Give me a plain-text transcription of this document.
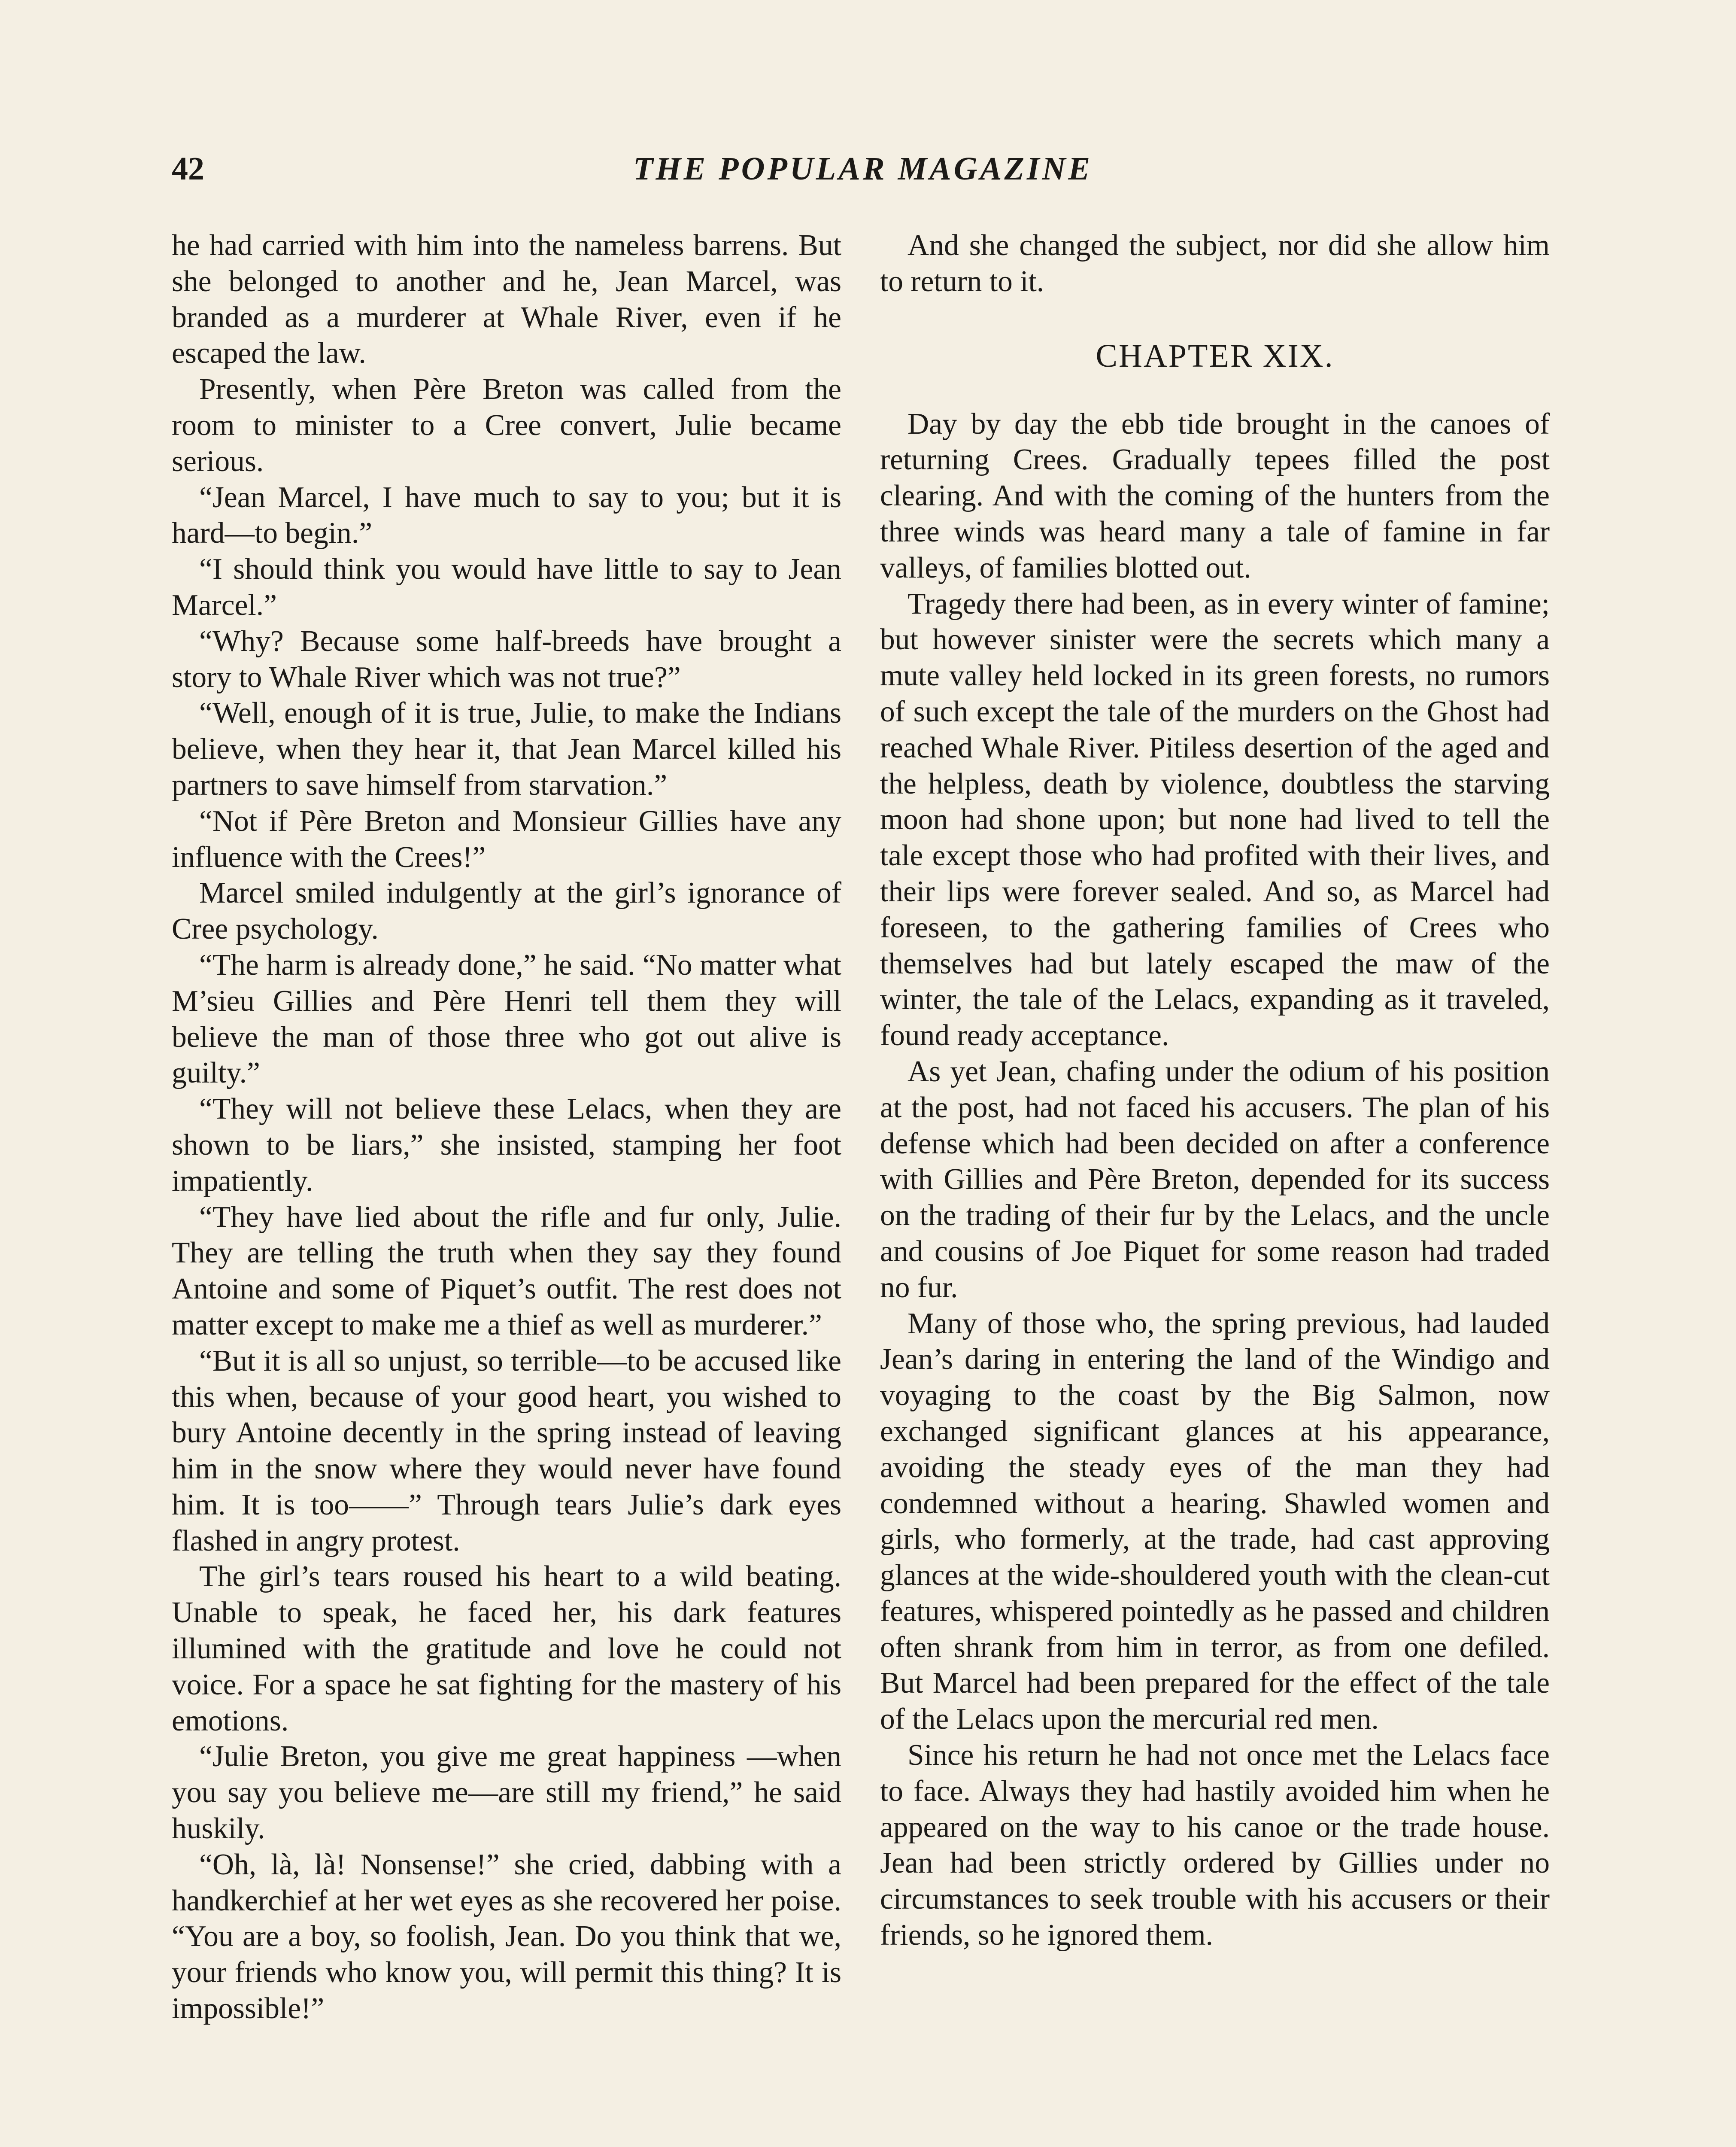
42	THE POPULAR MAGAZINE

he had carried with him into the nameless barrens. But she belonged to another and he, Jean Marcel, was branded as a murderer at Whale River, even if he escaped the law.

Presently, when Père Breton was called from the room to minister to a Cree convert, Julie became serious.

“Jean Marcel, I have much to say to you; but it is hard—to begin.”

“I should think you would have little to say to Jean Marcel.”

“Why? Because some half-breeds have brought a story to Whale River which was not true?”

“Well, enough of it is true, Julie, to make the Indians believe, when they hear it, that Jean Marcel killed his partners to save himself from starvation.”

“Not if Père Breton and Monsieur Gillies have any influence with the Crees!”

Marcel smiled indulgently at the girl’s ignorance of Cree psychology.

“The harm is already done,” he said. “No matter what M’sieu Gillies and Père Henri tell them they will believe the man of those three who got out alive is guilty.”

“They will not believe these Lelacs, when they are shown to be liars,” she insisted, stamping her foot impatiently.

“They have lied about the rifle and fur only, Julie. They are telling the truth when they say they found Antoine and some of Piquet’s outfit. The rest does not matter except to make me a thief as well as murderer.”

“But it is all so unjust, so terrible—to be accused like this when, because of your good heart, you wished to bury Antoine decently in the spring instead of leaving him in the snow where they would never have found him. It is too——” Through tears Julie’s dark eyes flashed in angry protest.

The girl’s tears roused his heart to a wild beating. Unable to speak, he faced her, his dark features illumined with the gratitude and love he could not voice. For a space he sat fighting for the mastery of his emotions.

“Julie Breton, you give me great happiness —when you say you believe me—are still my friend,” he said huskily.

“Oh, là, là! Nonsense!” she cried, dabbing with a handkerchief at her wet eyes as she recovered her poise. “You are a boy, so foolish, Jean. Do you think that we, your friends who know you, will permit this thing? It is impossible!”

And she changed the subject, nor did she allow him to return to it.

CHAPTER XIX.

Day by day the ebb tide brought in the canoes of returning Crees. Gradually tepees filled the post clearing. And with the coming of the hunters from the three winds was heard many a tale of famine in far valleys, of families blotted out.

Tragedy there had been, as in every winter of famine; but however sinister were the secrets which many a mute valley held locked in its green forests, no rumors of such except the tale of the murders on the Ghost had reached Whale River. Pitiless desertion of the aged and the helpless, death by violence, doubtless the starving moon had shone upon; but none had lived to tell the tale except those who had profited with their lives, and their lips were forever sealed. And so, as Marcel had foreseen, to the gathering families of Crees who themselves had but lately escaped the maw of the winter, the tale of the Lelacs, expanding as it traveled, found ready acceptance.

As yet Jean, chafing under the odium of his position at the post, had not faced his accusers. The plan of his defense which had been decided on after a conference with Gillies and Père Breton, depended for its success on the trading of their fur by the Lelacs, and the uncle and cousins of Joe Piquet for some reason had traded no fur.

Many of those who, the spring previous, had lauded Jean’s daring in entering the land of the Windigo and voyaging to the coast by the Big Salmon, now exchanged significant glances at his appearance, avoiding the steady eyes of the man they had condemned without a hearing. Shawled women and girls, who formerly, at the trade, had cast approving glances at the wide-shouldered youth with the clean-cut features, whispered pointedly as he passed and children often shrank from him in terror, as from one defiled. But Marcel had been prepared for the effect of the tale of the Lelacs upon the mercurial red men.

Since his return he had not once met the Lelacs face to face. Always they had hastily avoided him when he appeared on the way to his canoe or the trade house. Jean had been strictly ordered by Gillies under no circumstances to seek trouble with his accusers or their friends, so he ignored them.
